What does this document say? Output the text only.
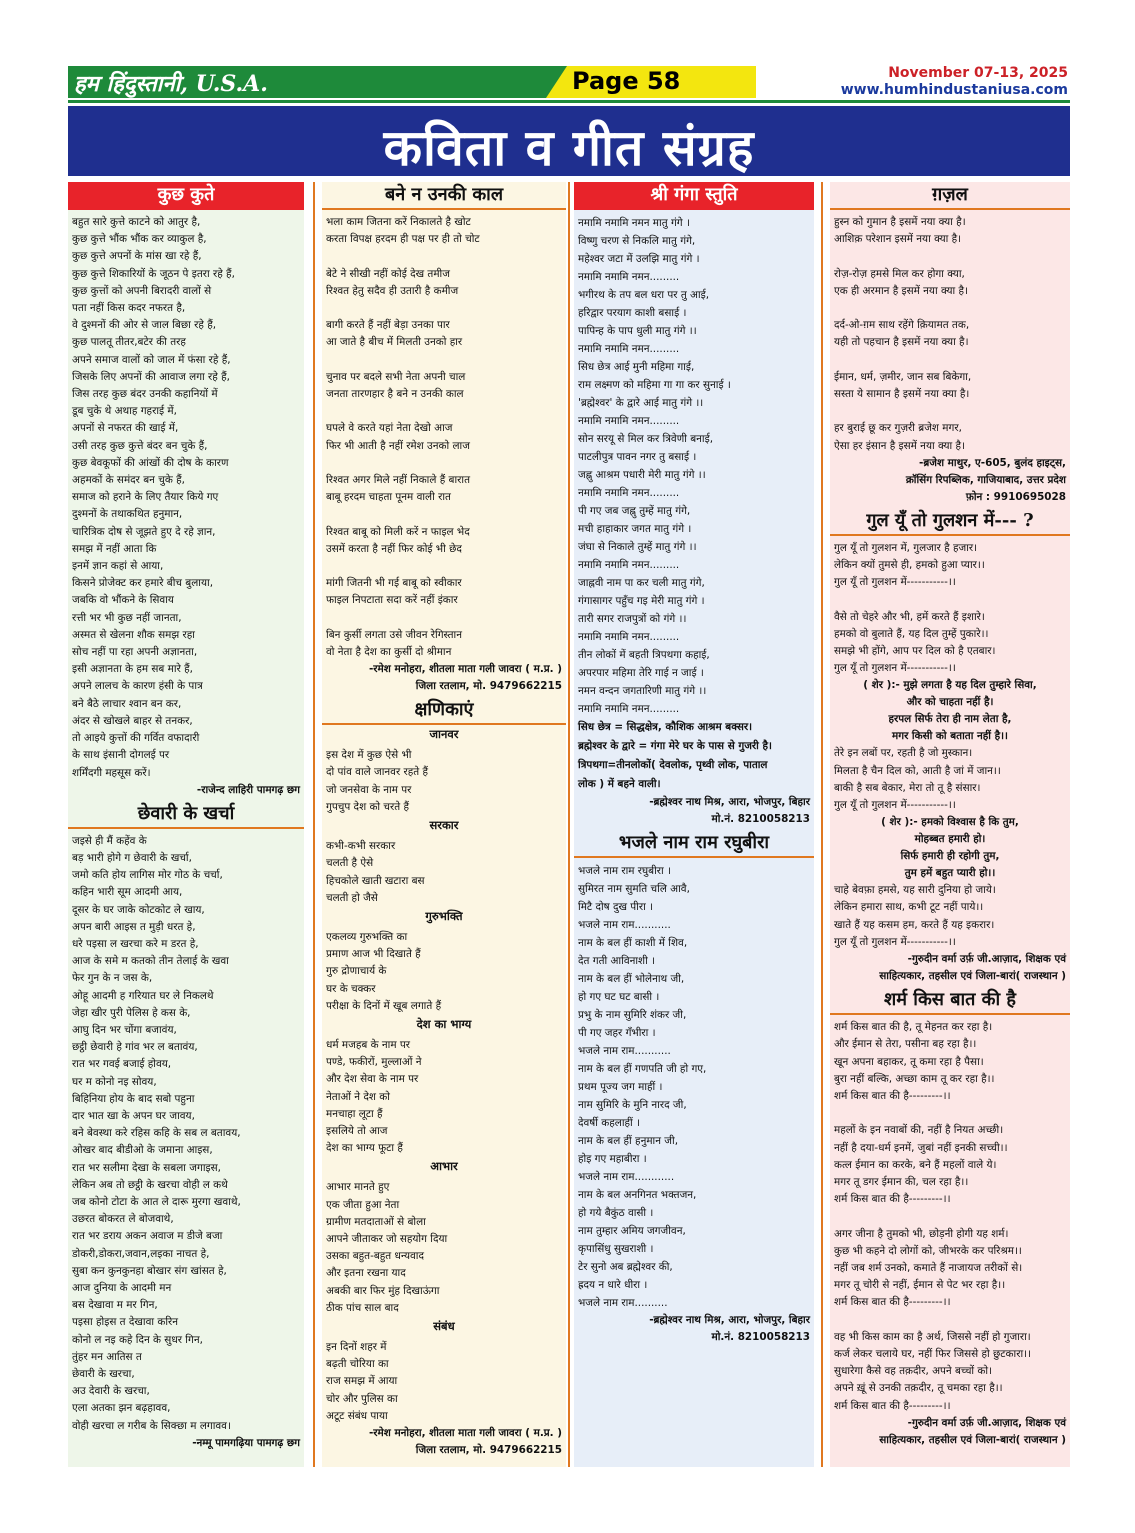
हम हिंदुस्तानी, U.S.A.	Page 58	November 07-13, 2025
www.humhindustaniusa.com
कविता व गीत संग्रह
कुछ कुते
बहुत सारे कुत्ते काटने को आतुर है,
कुछ कुत्ते भौंक भौंक कर व्याकुल है,
कुछ कुत्ते अपनों के मांस खा रहे हैं,
कुछ कुत्ते शिकारियों के जूठन पे इतरा रहे हैं,
कुछ कुत्तों को अपनी बिरादरी वालों से
पता नहीं किस कदर नफरत है,
वे दुश्मनों की ओर से जाल बिछा रहे हैं,
कुछ पालतू तीतर,बटेर की तरह
अपने समाज वालों को जाल में फंसा रहे हैं,
जिसके लिए अपनों की आवाज लगा रहे हैं,
जिस तरह कुछ बंदर उनकी कहानियों में
डूब चुके थे अथाह गहराई में,
अपनों से नफरत की खाई में,
उसी तरह कुछ कुत्ते बंदर बन चुके हैं,
कुछ बेवकूफों की आंखों की दोष के कारण
अहमकों के समंदर बन चुके हैं,
समाज को हराने के लिए तैयार किये गए
दुश्मनों के तथाकथित हनुमान,
चारित्रिक दोष से जूझते हुए दे रहे ज्ञान,
समझ में नहीं आता कि
इनमें ज्ञान कहां से आया,
किसने प्रोजेक्ट कर हमारे बीच बुलाया,
जबकि वो भौंकने के सिवाय
रत्ती भर भी कुछ नहीं जानता,
अस्मत से खेलना शौक समझ रहा
सोच नहीं पा रहा अपनी अज्ञानता,
इसी अज्ञानता के हम सब मारे हैं,
अपने लालच के कारण हंसी के पात्र
बने बैठे लाचार श्वान बन कर,
अंदर से खोखले बाहर से तनकर,
तो आइये कुत्तों की गर्वित वफादारी
के साथ इंसानी दोगलई पर
शर्मिंदगी महसूस करें।
-राजेन्द लाहिरी पामगढ़ छग
छेवारी के खर्चा
जइसे ही मैं कहेंव के
बड़ भारी होगे ग छेवारी के खर्चा,
जमो कति होय लागिस मोर गोठ के चर्चा,
कहिन भारी सूम आदमी आय,
दूसर के घर जाके कोटकोट ले खाय,
अपन बारी आइस त मुड़ी धरत हे,
धरे पइसा ल खरचा करे म डरत हे,
आज के समे म कतको तीन तेलाई के खवा
फेर गुन के न जस के,
ओहू आदमी ह गरियात घर ले निकलथे
जेहा खीर पुरी पेलिस हे कस के,
आघु दिन भर चोंगा बजावंय,
छट्ठी छेवारी हे गांव भर ल बतावंय,
रात भर गवई बजाई होवय,
घर म कोनो नइ सोवय,
बिहिनिया होय के बाद सबो पहुना
दार भात खा के अपन घर जावय,
बने बेवस्था करे रहिस कहि के सब ल बतावय,
ओखर बाद बीडीओ के जमाना आइस,
रात भर सलीमा देखा के सबला जगाइस,
लेकिन अब तो छट्ठी के खरचा वोही ल कथे
जब कोनो टोटा के आत ले दारू मुरगा खवाथे,
उछरत बोकरत ले बोजवाथे,
रात भर डराय अकन अवाज म डीजे बजा
डोकरी,डोकरा,जवान,लइका नाचत हे,
सुबा कन कुनकुनहा बोखार संग खांसत हे,
आज दुनिया के आदमी मन
बस देखावा म मर गिन,
पइसा होइस त देखावा करिन
कोनो ल नइ कहे दिन के सुधर गिन,
तुंहर मन आतिस त
छेवारी के खरचा,
अउ देवारी के खरचा,
एला अतका झन बढ़हावव,
वोही खरचा ल गरीब के सिक्छा म लगावव।
-नम्मू पामगढ़िया पामगढ़ छग
बने न उनकी काल
भला काम जितना करें निकालते है खोट
करता विपक्ष हरदम ही पक्ष पर ही तो चोट

बेटे ने सीखी नहीं कोई देख तमीज
रिश्वत हेतु सदैव ही उतारी है कमीज

बागी करते हैं नहीं बेड़ा उनका पार
आ जाते है बीच में मिलती उनको हार

चुनाव पर बदले सभी नेता अपनी चाल
जनता तारणहार है बने न उनकी काल

घपले वे करते यहां नेता देखो आज
फिर भी आती है नहीं रमेश उनको लाज

रिश्वत अगर मिले नहीं निकाले हैं बारात
बाबू हरदम चाहता पूनम वाली रात

रिश्वत बाबू को मिली करें न फाइल भेद
उसमें करता है नहीं फिर कोई भी छेद

मांगी जितनी भी गई बाबू को स्वीकार
फाइल निपटाता सदा करें नहीं इंकार

बिन कुर्सी लगता उसे जीवन रेगिस्तान
वो नेता है देश का कुर्सी दो श्रीमान
-रमेश मनोहरा, शीतला माता गली जावरा ( म.प्र. )
जिला रतलाम, मो. 9479662215
क्षणिकाएं
जानवर
इस देश में कुछ ऐसे भी
दो पांव वाले जानवर रहते हैं
जो जनसेवा के नाम पर
गुपचुप देश को चरते हैं
सरकार
कभी-कभी सरकार
चलती है ऐसे
हिचकोले खाती खटारा बस
चलती हो जैसे
गुरुभक्ति
एकलव्य गुरुभक्ति का
प्रमाण आज भी दिखाते हैं
गुरु द्रोणाचार्य के
घर के चक्कर
परीक्षा के दिनों में खूब लगाते हैं
देश का भाग्य
धर्म मजहब के नाम पर
पण्डे, फकीरों, मुल्लाओं ने
और देश सेवा के नाम पर
नेताओं ने देश को
मनचाहा लूटा हैं
इसलिये तो आज
देश का भाग्य फूटा हैं
आभार
आभार मानते हुए
एक जीता हुआ नेता
ग्रामीण मतदाताओं से बोला
आपने जीताकर जो सहयोग दिया
उसका बहुत-बहुत धन्यवाद
और इतना रखना याद
अबकी बार फिर मुंह दिखाऊंगा
ठीक पांच साल बाद
संबंध
इन दिनों शहर में
बढ़ती चोरिया का
राज समझ में आया
चोर और पुलिस का
अटूट संबंध पाया
-रमेश मनोहरा, शीतला माता गली जावरा ( म.प्र. )
जिला रतलाम, मो. 9479662215
श्री गंगा स्तुति
नमामि नमामि नमन मातु गंगे ।
विष्णु चरण से निकलि मातु गंगे,
महेश्वर जटा में उलझि मातु गंगे ।
नमामि नमामि नमन.........
भगीरथ के तप बल धरा पर तु आई,
हरिद्वार परयाग काशी बसाई ।
पापिन्ह के पाप धुली मातु गंगे ।।
नमामि नमामि नमन.........
सिध छेत्र आई मुनी महिमा गाई,
राम लक्ष्मण को महिमा गा गा कर सुनाई ।
'ब्रह्मेश्वर' के द्वारे आई मातु गंगे ।।
नमामि नमामि नमन.........
सोन सरयू से मिल कर त्रिवेणी बनाई,
पाटलीपुत्र पावन नगर तु बसाई ।
जह्नु आश्रम पधारी मेरी मातु गंगे ।।
नमामि नमामि नमन.........
पी गए जब जह्नु तुम्हें मातु गंगे,
मची हाहाकार जगत मातु गंगे ।
जंघा से निकाले तुम्हें मातु गंगे ।।
नमामि नमामि नमन.........
जाह्नवी नाम पा कर चली मातु गंगे,
गंगासागर पहुँच गइ मेरी मातु गंगे ।
तारी सगर राजपुत्रों को गंगे ।।
नमामि नमामि नमन.........
तीन लोकों में बहती त्रिपथगा कहाई,
अपरपार महिमा तेरि गाई न जाई ।
नमन वन्दन जगतारिणी मातु गंगे ।।
नमामि नमामि नमन.........
सिध छेत्र = सिद्धक्षेत्र, कौशिक आश्रम बक्सर।
ब्रह्मेश्वर के द्वारे = गंगा मेरे घर के पास से गुजरी है।
त्रिपथगा=तीनलोकों( देवलोक, पृथ्वी लोक, पाताल
लोक ) में बहने वाली।
-ब्रह्मेश्वर नाथ मिश्र, आरा, भोजपुर, बिहार
मो.नं. 8210058213
भजले नाम राम रघुबीरा
भजले नाम राम रघुबीरा ।
सुमिरत नाम सुमति चलि आवै,
मिटै दोष दुख पीरा ।
भजले नाम राम...........
नाम के बल हीं काशी में शिव,
देत गती आविनाशी ।
नाम के बल हीं भोलेनाथ जी,
हो गए घट घट बासी ।
प्रभु के नाम सुमिरि शंकर जी,
पी गए जहर गँभीरा ।
भजले नाम राम...........
नाम के बल हीं गणपति जी हो गए,
प्रथम पूज्य जग माहीं ।
नाम सुमिरि के मुनि नारद जी,
देवर्षी कहलाहीं ।
नाम के बल हीं हनुमान जी,
होइ गए महाबीरा ।
भजले नाम राम............
नाम के बल अनगिनत भक्तजन,
हो गये बैकुंठ वासी ।
नाम तुम्हार अमिय जगजीवन,
कृपासिंधु सुखराशी ।
टेर सुनो अब ब्रह्मेश्वर की,
ह्रदय न धारे धीरा ।
भजले नाम राम..........
-ब्रह्मेश्वर नाथ मिश्र, आरा, भोजपुर, बिहार
मो.नं. 8210058213
ग़ज़ल
हुस्न को गुमान है इसमें नया क्या है।
आशिक़ परेशान इसमें नया क्या है।

रोज़-रोज़ हमसे मिल कर होगा क्या,
एक ही अरमान है इसमें नया क्या है।

दर्द-ओ-ग़म साथ रहेंगे क़ियामत तक,
यही तो पहचान है इसमें नया क्या है।

ईमान, धर्म, ज़मीर, जान सब बिकेगा,
सस्ता ये सामान है इसमें नया क्या है।

हर बुराई छू कर गुज़री ब्रजेश मगर,
ऐसा हर इंसान है इसमें नया क्या है।
-ब्रजेश माथुर, ए-605, बुलंद हाइट्स,
क्रॉसिंग रिपब्लिक, गाजियाबाद, उत्तर प्रदेश
फ़ोन : 9910695028
गुल यूँ तो गुलशन में--- ?
गुल यूँ तो गुलशन में, गुलजार है हजार।
लेकिन क्यों तुमसे ही, हमको हुआ प्यार।।
गुल यूँ तो गुलशन में-----------।।

वैसे तो चेहरे और भी, हमें करते हैं इशारे।
हमको वो बुलाते हैं, यह दिल तुम्हें पुकारे।।
समझे भी होंगे, आप पर दिल को है एतबार।
गुल यूँ तो गुलशन में-----------।।
( शेर ):- मुझे लगता है यह दिल तुम्हारे सिवा,
और को चाहता नहीं है।
हरपल सिर्फ तेरा ही नाम लेता है,
मगर किसी को बताता नहीं है।।
तेरे इन लबों पर, रहती है जो मुस्कान।
मिलता है चैन दिल को, आती है जां में जान।।
बाकी है सब बेकार, मेरा तो तू है संसार।
गुल यूँ तो गुलशन में-----------।।
( शेर ):- हमको विश्वास है कि तुम,
मोहब्बत हमारी हो।
सिर्फ हमारी ही रहोगी तुम,
तुम हमें बहुत प्यारी हो।।
चाहे बेवफ़ा हमसे, यह सारी दुनिया हो जाये।
लेकिन हमारा साथ, कभी टूट नहीं पाये।।
खाते हैं यह कसम हम, करते हैं यह इकरार।
गुल यूँ तो गुलशन में-----------।।
-गुरुदीन वर्मा उर्फ़ जी.आज़ाद, शिक्षक एवं
साहित्यकार, तहसील एवं जिला-बारां( राजस्थान )
शर्म किस बात की है
शर्म किस बात की है, तू मेहनत कर रहा है।
और ईमान से तेरा, पसीना बह रहा है।।
खून अपना बहाकर, तू कमा रहा है पैसा।
बुरा नहीं बल्कि, अच्छा काम तू कर रहा है।।
शर्म किस बात की है---------।।

महलों के इन नवाबों की, नहीं है नियत अच्छी।
नहीं है दया-धर्म इनमें, जुबां नहीं इनकी सच्ची।।
कत्ल ईमान का करके, बने हैं महलों वाले ये।
मगर तू डगर ईमान की, चल रहा है।।
शर्म किस बात की है---------।।

अगर जीना है तुमको भी, छोड़नी होगी यह शर्म।
कुछ भी कहने दो लोगों को, जीभरके कर परिश्रम।।
नहीं जब शर्म उनको, कमाते हैं नाजायज तरीकों से।
मगर तू चोरी से नहीं, ईमान से पेट भर रहा है।।
शर्म किस बात की है---------।।

वह भी किस काम का है अर्थ, जिससे नहीं हो गुजारा।
कर्ज लेकर चलाये घर, नहीं फिर जिससे हो छुटकारा।।
सुधारेगा कैसे वह तक़दीर, अपने बच्चों को।
अपने ख़ूं से उनकी तक़दीर, तू चमका रहा है।।
शर्म किस बात की है---------।।
-गुरुदीन वर्मा उर्फ़ जी.आज़ाद, शिक्षक एवं
साहित्यकार, तहसील एवं जिला-बारां( राजस्थान )
